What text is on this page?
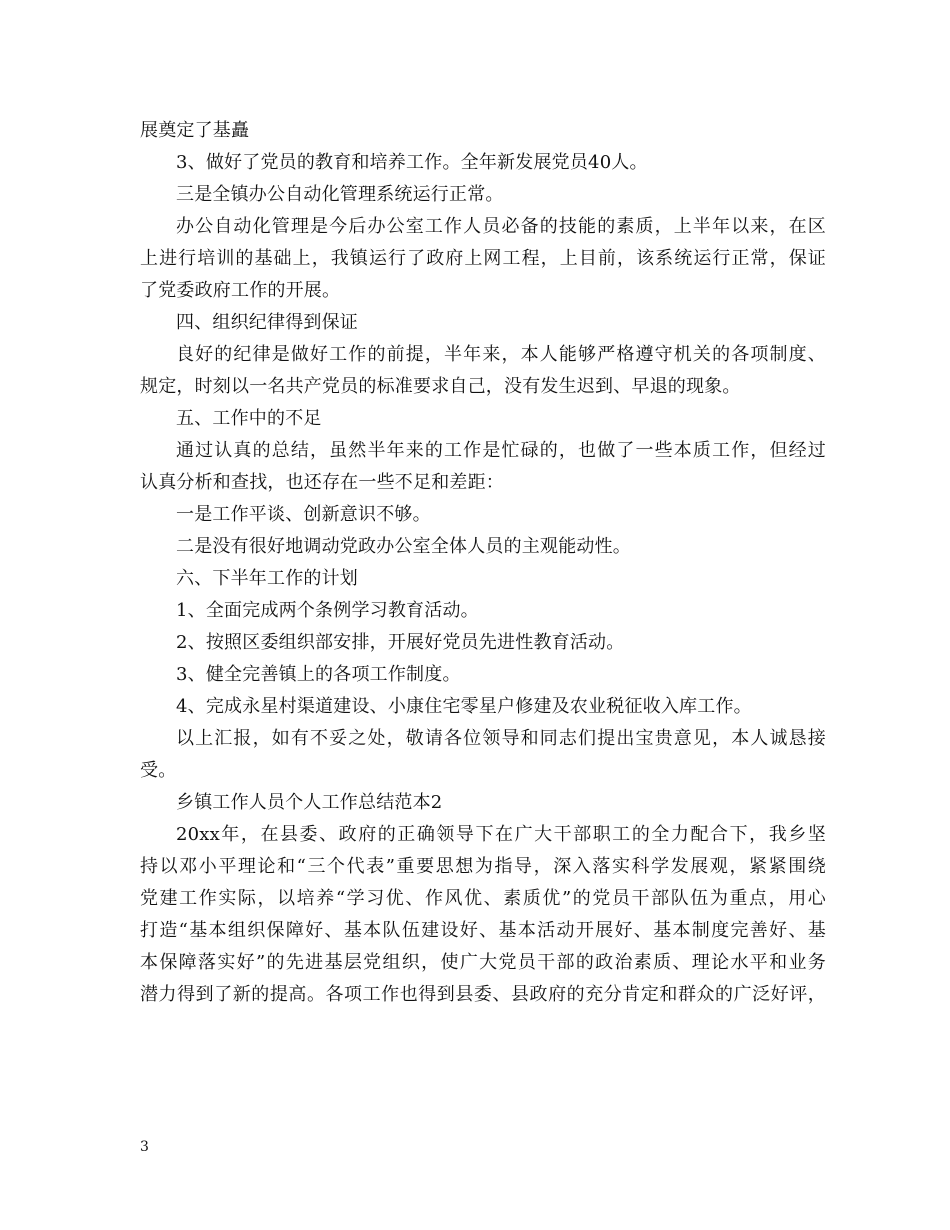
展奠定了基矗
3、做好了党员的教育和培养工作。全年新发展党员40人。
三是全镇办公自动化管理系统运行正常。
办公自动化管理是今后办公室工作人员必备的技能的素质，上半年以来，在区
上进行培训的基础上，我镇运行了政府上网工程，上目前，该系统运行正常，保证
了党委政府工作的开展。
四、组织纪律得到保证
良好的纪律是做好工作的前提，半年来，本人能够严格遵守机关的各项制度、
规定，时刻以一名共产党员的标准要求自己，没有发生迟到、早退的现象。
五、工作中的不足
通过认真的总结，虽然半年来的工作是忙碌的，也做了一些本质工作，但经过
认真分析和查找，也还存在一些不足和差距：
一是工作平谈、创新意识不够。
二是没有很好地调动党政办公室全体人员的主观能动性。
六、下半年工作的计划
1、全面完成两个条例学习教育活动。
2、按照区委组织部安排，开展好党员先进性教育活动。
3、健全完善镇上的各项工作制度。
4、完成永星村渠道建设、小康住宅零星户修建及农业税征收入库工作。
以上汇报，如有不妥之处，敬请各位领导和同志们提出宝贵意见，本人诚恳接
受。
乡镇工作人员个人工作总结范本2
20xx年，在县委、政府的正确领导下在广大干部职工的全力配合下，我乡坚
持以邓小平理论和“三个代表”重要思想为指导，深入落实科学发展观，紧紧围绕
党建工作实际，以培养“学习优、作风优、素质优”的党员干部队伍为重点，用心
打造“基本组织保障好、基本队伍建设好、基本活动开展好、基本制度完善好、基
本保障落实好”的先进基层党组织，使广大党员干部的政治素质、理论水平和业务
潜力得到了新的提高。各项工作也得到县委、县政府的充分肯定和群众的广泛好评，
3
